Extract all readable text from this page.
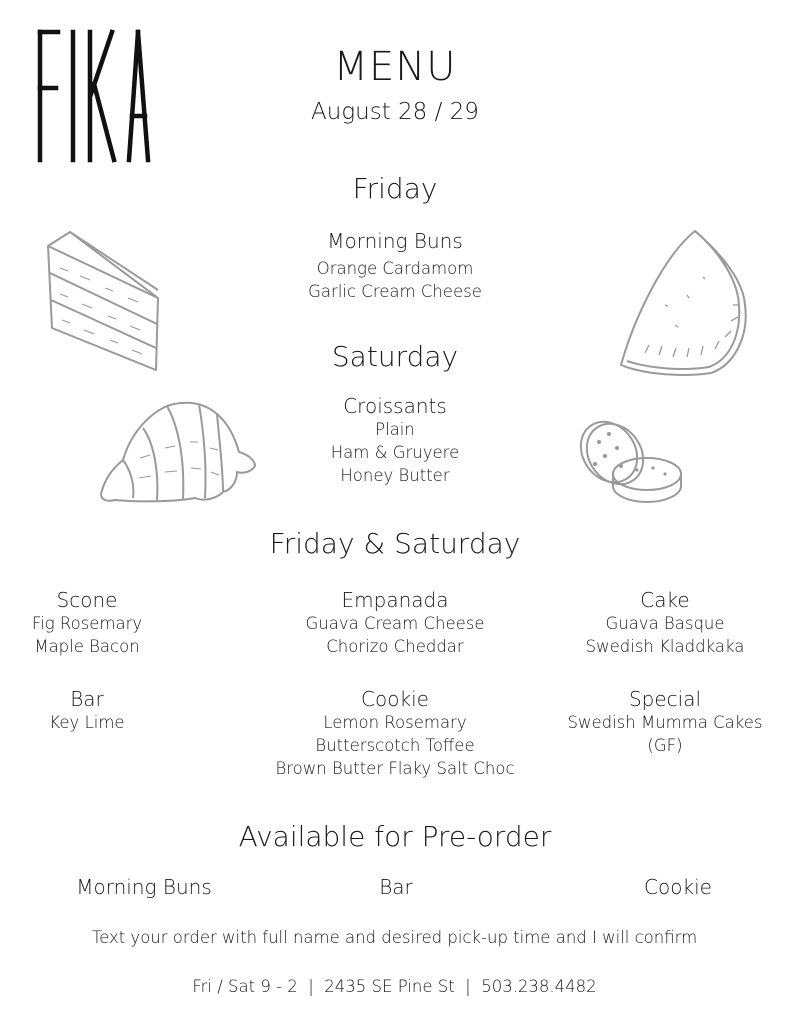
MENU
August 28 / 29
Friday
Morning Buns
Orange Cardamom
Garlic Cream Cheese
Saturday
Croissants
Plain
Ham & Gruyere
Honey Butter
Friday & Saturday
Scone
Fig Rosemary
Maple Bacon
Empanada
Guava Cream Cheese
Chorizo Cheddar
Cake
Guava Basque
Swedish Kladdkaka
Bar
Key Lime
Cookie
Lemon Rosemary
Butterscotch Toffee
Brown Butter Flaky Salt Choc
Special
Swedish Mumma Cakes
(GF)
Available for Pre-order
Morning Buns	Bar	Cookie
Text your order with full name and desired pick-up time and I will confirm
Fri / Sat 9 - 2  |  2435 SE Pine St  |  503.238.4482
